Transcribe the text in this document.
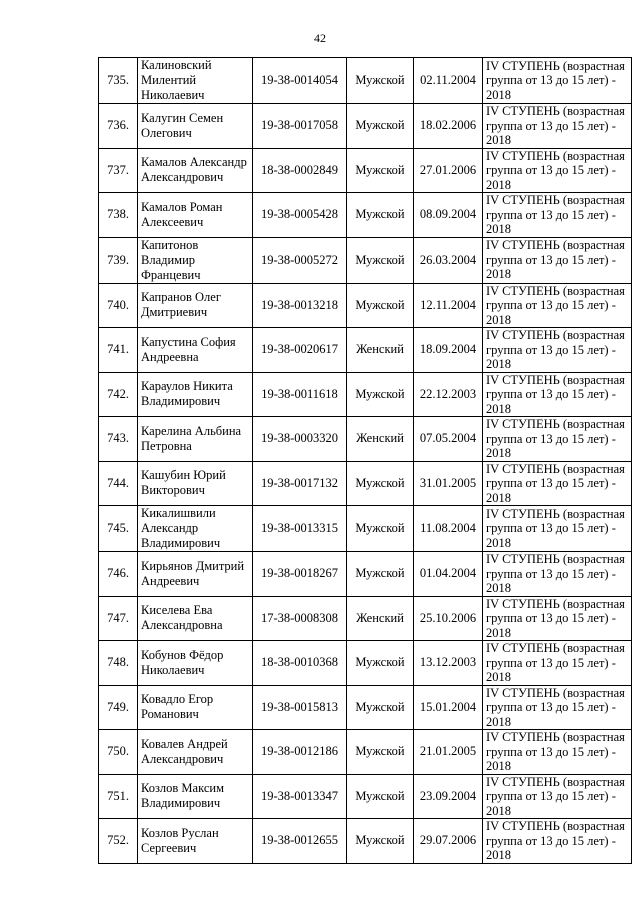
42
735.	Калиновский Милентий Николаевич	19-38-0014054	Мужской	02.11.2004	IV СТУПЕНЬ (возрастная группа от 13 до 15 лет) - 2018
736.	Калугин Семен Олегович	19-38-0017058	Мужской	18.02.2006	IV СТУПЕНЬ (возрастная группа от 13 до 15 лет) - 2018
737.	Камалов Александр Александрович	18-38-0002849	Мужской	27.01.2006	IV СТУПЕНЬ (возрастная группа от 13 до 15 лет) - 2018
738.	Камалов Роман Алексеевич	19-38-0005428	Мужской	08.09.2004	IV СТУПЕНЬ (возрастная группа от 13 до 15 лет) - 2018
739.	Капитонов Владимир Францевич	19-38-0005272	Мужской	26.03.2004	IV СТУПЕНЬ (возрастная группа от 13 до 15 лет) - 2018
740.	Капранов Олег Дмитриевич	19-38-0013218	Мужской	12.11.2004	IV СТУПЕНЬ (возрастная группа от 13 до 15 лет) - 2018
741.	Капустина София Андреевна	19-38-0020617	Женский	18.09.2004	IV СТУПЕНЬ (возрастная группа от 13 до 15 лет) - 2018
742.	Караулов Никита Владимирович	19-38-0011618	Мужской	22.12.2003	IV СТУПЕНЬ (возрастная группа от 13 до 15 лет) - 2018
743.	Карелина Альбина Петровна	19-38-0003320	Женский	07.05.2004	IV СТУПЕНЬ (возрастная группа от 13 до 15 лет) - 2018
744.	Кашубин Юрий Викторович	19-38-0017132	Мужской	31.01.2005	IV СТУПЕНЬ (возрастная группа от 13 до 15 лет) - 2018
745.	Кикалишвили Александр Владимирович	19-38-0013315	Мужской	11.08.2004	IV СТУПЕНЬ (возрастная группа от 13 до 15 лет) - 2018
746.	Кирьянов Дмитрий Андреевич	19-38-0018267	Мужской	01.04.2004	IV СТУПЕНЬ (возрастная группа от 13 до 15 лет) - 2018
747.	Киселева Ева Александровна	17-38-0008308	Женский	25.10.2006	IV СТУПЕНЬ (возрастная группа от 13 до 15 лет) - 2018
748.	Кобунов Фёдор Николаевич	18-38-0010368	Мужской	13.12.2003	IV СТУПЕНЬ (возрастная группа от 13 до 15 лет) - 2018
749.	Ковадло Егор Романович	19-38-0015813	Мужской	15.01.2004	IV СТУПЕНЬ (возрастная группа от 13 до 15 лет) - 2018
750.	Ковалев Андрей Александрович	19-38-0012186	Мужской	21.01.2005	IV СТУПЕНЬ (возрастная группа от 13 до 15 лет) - 2018
751.	Козлов Максим Владимирович	19-38-0013347	Мужской	23.09.2004	IV СТУПЕНЬ (возрастная группа от 13 до 15 лет) - 2018
752.	Козлов Руслан Сергеевич	19-38-0012655	Мужской	29.07.2006	IV СТУПЕНЬ (возрастная группа от 13 до 15 лет) - 2018
